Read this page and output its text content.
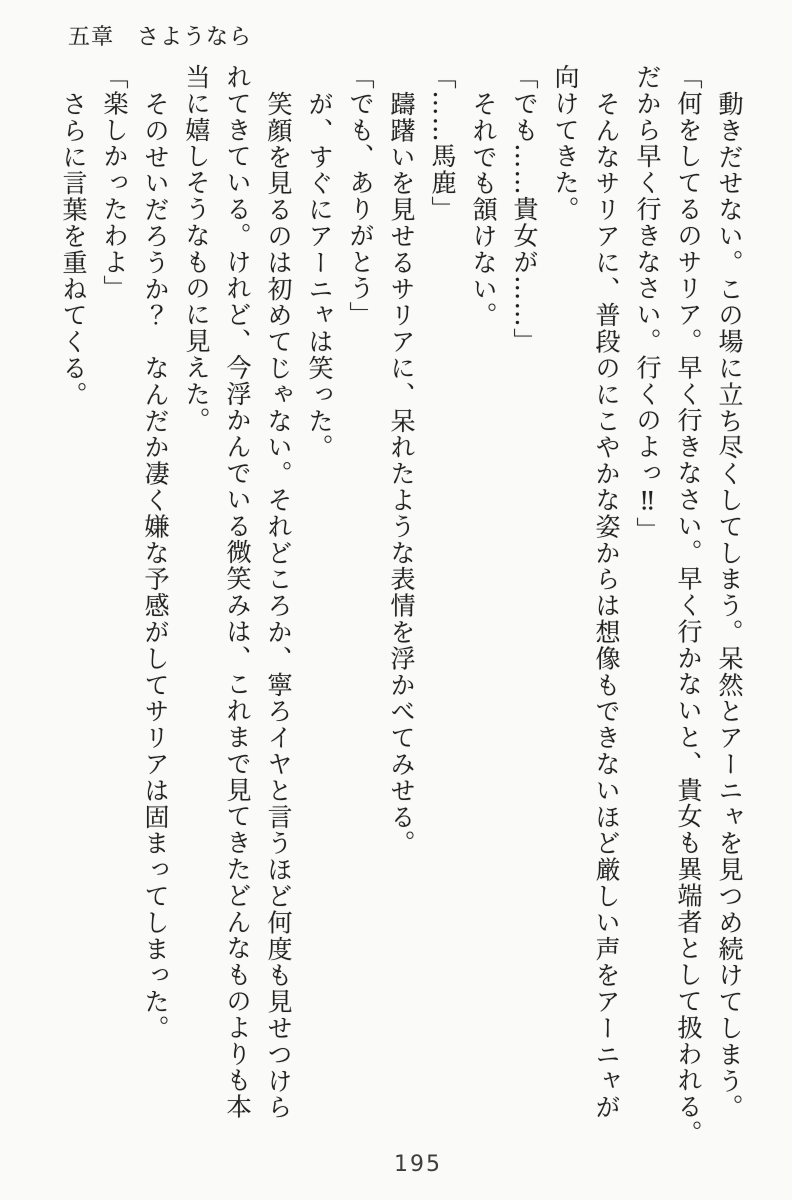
五章　さようなら

動きだせない。この場に立ち尽くしてしまう。呆然とアーニャを見つめ続けてしまう。

「何をしてるのサリア。早く行きなさい。早く行かないと、貴女も異端者として扱われる。

だから早く行きなさい。行くのよっ‼」

そんなサリアに、普段のにこやかな姿からは想像もできないほど厳しい声をアーニャが

向けてきた。

「でも……貴女が……」

それでも頷けない。

「……馬鹿」

躊躇いを見せるサリアに、呆れたような表情を浮かべてみせる。

「でも、ありがとう」

が、すぐにアーニャは笑った。

笑顔を見るのは初めてじゃない。それどころか、寧ろイヤと言うほど何度も見せつけら

れてきている。けれど、今浮かんでいる微笑みは、これまで見てきたどんなものよりも本

当に嬉しそうなものに見えた。

そのせいだろうか？　なんだか凄く嫌な予感がしてサリアは固まってしまった。

「楽しかったわよ」

さらに言葉を重ねてくる。

195
